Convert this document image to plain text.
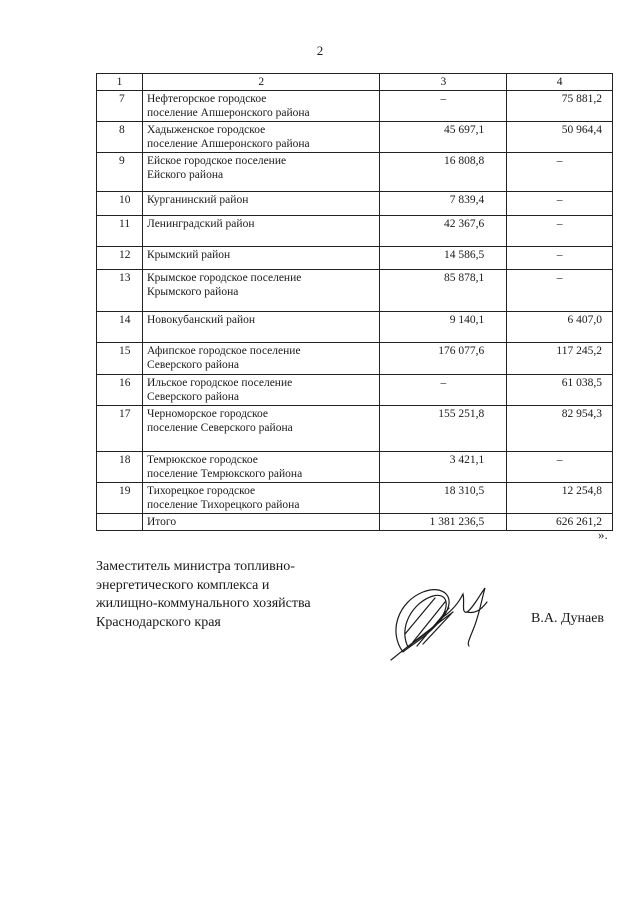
2
1	2	3	4
7	Нефтегорское городское
поселение Апшеронского района	–	75 881,2
8	Хадыженское городское
поселение Апшеронского района	45 697,1	50 964,4
9	Ейское городское поселение
Ейского района	16 808,8	–
10	Курганинский район	7 839,4	–
11	Ленинградский район	42 367,6	–
12	Крымский район	14 586,5	–
13	Крымское городское поселение
Крымского района	85 878,1	–
14	Новокубанский район	9 140,1	6 407,0
15	Афипское городское поселение
Северского района	176 077,6	117 245,2
16	Ильское городское поселение
Северского района	–	61 038,5
17	Черноморское городское
поселение Северского района	155 251,8	82 954,3
18	Темрюкское городское
поселение Темрюкского района	3 421,1	–
19	Тихорецкое городское
поселение Тихорецкого района	18 310,5	12 254,8
	Итого	1 381 236,5	626 261,2
».
Заместитель министра топливно-
энергетического комплекса и
жилищно-коммунального хозяйства
Краснодарского края	В.А. Дунаев
